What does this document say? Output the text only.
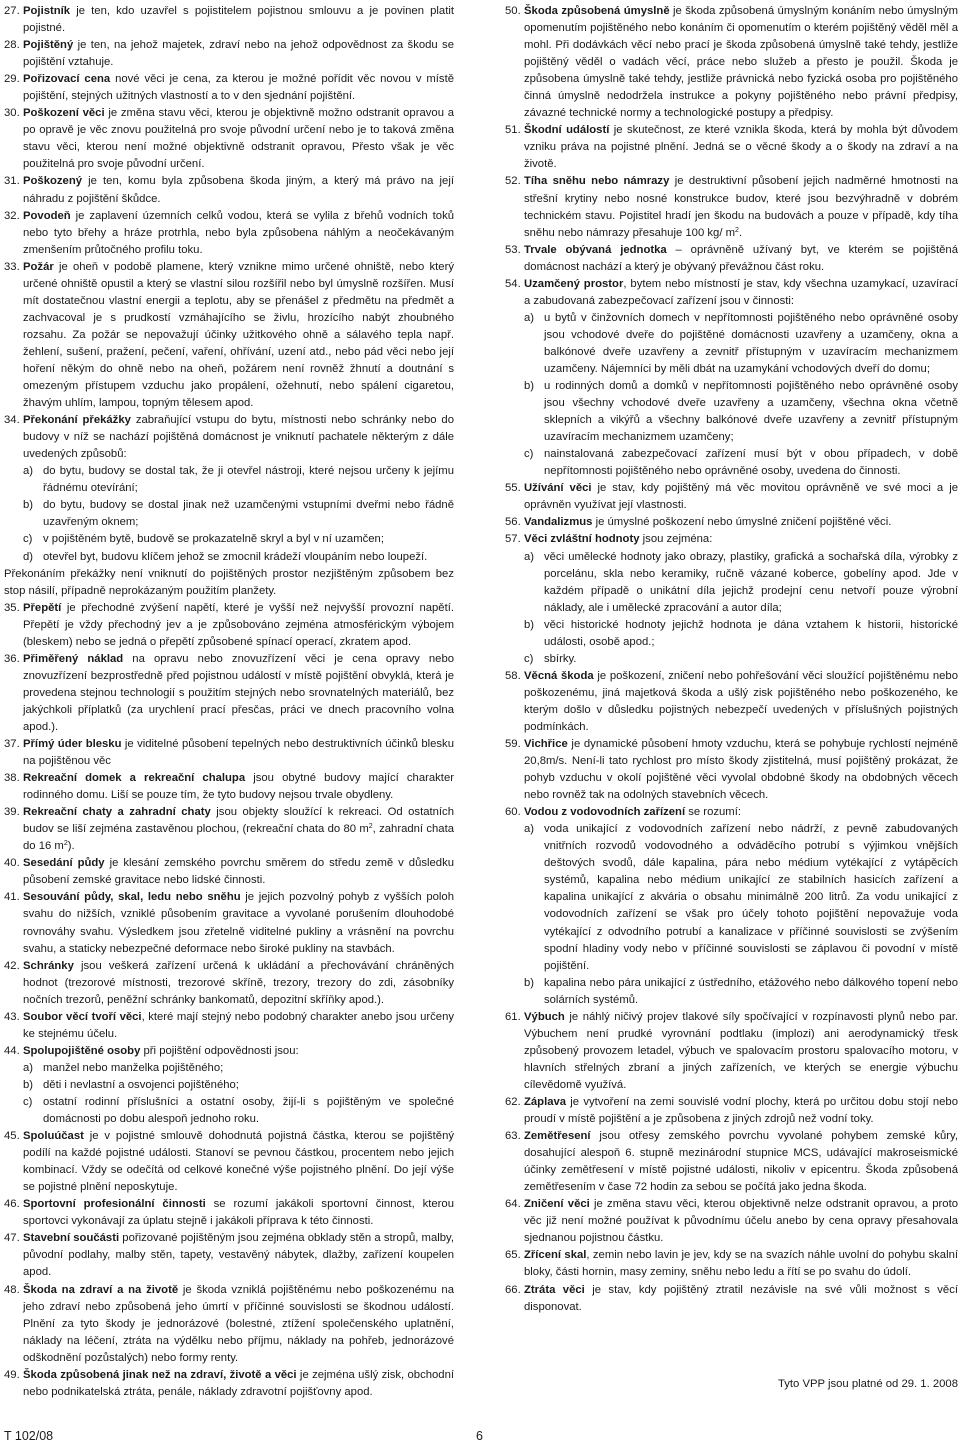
27. Pojistník je ten, kdo uzavřel s pojistitelem pojistnou smlouvu a je povinen platit pojistné.
28. Pojištěný je ten, na jehož majetek, zdraví nebo na jehož odpovědnost za škodu se pojištění vztahuje.
29. Pořizovací cena nové věci je cena, za kterou je možné pořídit věc novou v místě pojištění, stejných užitných vlastností a to v den sjednání pojištění.
30. Poškození věci je změna stavu věci, kterou je objektivně možno odstranit opravou a po opravě je věc znovu použitelná pro svoje původní určení nebo je to taková změna stavu věci, kterou není možné objektivně odstranit opravou, Přesto však je věc použitelná pro svoje původní určení.
31. Poškozený je ten, komu byla způsobena škoda jiným, a který má právo na její náhradu z pojištění škůdce.
32. Povodeň je zaplavení územních celků vodou, která se vylila z břehů vodních toků nebo tyto břehy a hráze protrhla, nebo byla způsobena náhlým a neočekávaným zmenšením průtočného profilu toku.
33. Požár je oheň v podobě plamene, který vznikne mimo určené ohniště, nebo který určené ohniště opustil a který se vlastní silou rozšířil nebo byl úmyslně rozšířen. Musí mít dostatečnou vlastní energii a teplotu, aby se přenášel z předmětu na předmět a zachvacoval je s prudkostí vzmáhajícího se živlu, hrozícího nabýt zhoubného rozsahu. Za požár se nepovažují účinky užitkového ohně a sálavého tepla např. žehlení, sušení, pražení, pečení, vaření, ohřívání, uzení atd., nebo pád věci nebo její hoření někým do ohně nebo na oheň, požárem není rovněž žhnutí a doutnání s omezeným přístupem vzduchu jako propálení, ožehnutí, nebo spálení cigaretou, žhavým uhlím, lampou, topným tělesem apod.
34. Překonání překážky zabraňující vstupu do bytu, místnosti nebo schránky nebo do budovy v níž se nachází pojištěná domácnost je vniknutí pachatele některým z dále uvedených způsobů:
a) do bytu, budovy se dostal tak, že ji otevřel nástroji, které nejsou určeny k jejímu řádnému otevírání;
b) do bytu, budovy se dostal jinak než uzamčenými vstupními dveřmi nebo řádně uzavřeným oknem;
c) v pojištěném bytě, budově se prokazatelně skryl a byl v ní uzamčen;
d) otevřel byt, budovu klíčem jehož se zmocnil krádeží vloupáním nebo loupeží.
Překonáním překážky není vniknutí do pojištěných prostor nezjištěným způsobem bez stop násilí, případně neprokázaným použitím planžety.
35. Přepětí je přechodné zvýšení napětí, které je vyšší než nejvyšší provozní napětí. Přepětí je vždy přechodný jev a je způsobováno zejména atmosférickým výbojem (bleskem) nebo se jedná o přepětí způsobené spínací operací, zkratem apod.
36. Přiměřený náklad na opravu nebo znovuzřízení věci je cena opravy nebo znovuzřízení bezprostředně před pojistnou událostí v místě pojištění obvyklá, která je provedena stejnou technologií s použitím stejných nebo srovnatelných materiálů, bez jakýchkoli příplatků (za urychlení prací přesčas, práci ve dnech pracovního volna apod.).
37. Přímý úder blesku je viditelné působení tepelných nebo destruktivních účinků blesku na pojištěnou věc
38. Rekreační domek a rekreační chalupa jsou obytné budovy mající charakter rodinného domu. Liší se pouze tím, že tyto budovy nejsou trvale obydleny.
39. Rekreační chaty a zahradní chaty jsou objekty sloužící k rekreaci. Od ostatních budov se liší zejména zastavěnou plochou, (rekreační chata do 80 $m^2$, zahradní chata do 16 $m^2$).
40. Sesedání půdy je klesání zemského povrchu směrem do středu země v důsledku působení zemské gravitace nebo lidské činnosti.
41. Sesouvání půdy, skal, ledu nebo sněhu je jejich pozvolný pohyb z vyšších poloh svahu do nižších, vzniklé působením gravitace a vyvolané porušením dlouhodobé rovnováhy svahu. Výsledkem jsou zřetelně viditelné pukliny a vrásnění na povrchu svahu, a staticky nebezpečné deformace nebo široké pukliny na stavbách.
42. Schránky jsou veškerá zařízení určená k ukládání a přechovávání chráněných hodnot (trezorové místnosti, trezorové skříně, trezory, trezory do zdi, zásobníky nočních trezorů, peněžní schránky bankomatů, depozitní skříňky apod.).
43. Soubor věcí tvoří věci, které mají stejný nebo podobný charakter anebo jsou určeny ke stejnému účelu.
44. Spolupojištěné osoby při pojištění odpovědnosti jsou:
a) manžel nebo manželka pojištěného;
b) děti i nevlastní a osvojenci pojištěného;
c) ostatní rodinní příslušníci a ostatní osoby, žijí-li s pojištěným ve společné domácnosti po dobu alespoň jednoho roku.
45. Spoluúčast je v pojistné smlouvě dohodnutá pojistná částka, kterou se pojištěný podílí na každé pojistné události. Stanoví se pevnou částkou, procentem nebo jejich kombinací. Vždy se odečítá od celkové konečné výše pojistného plnění. Do její výše se pojistné plnění neposkytuje.
46. Sportovní profesionální činnosti se rozumí jakákoli sportovní činnost, kterou sportovci vykonávají za úplatu stejně i jakákoli příprava k této činnosti.
47. Stavební součásti pořizované pojištěným jsou zejména obklady stěn a stropů, malby, původní podlahy, malby stěn, tapety, vestavěný nábytek, dlažby, zařízení koupelen apod.
48. Škoda na zdraví a na životě je škoda vzniklá pojištěnému nebo poškozenému na jeho zdraví nebo způsobená jeho úmrtí v příčinné souvislosti se škodnou událostí. Plnění za tyto škody je jednorázové (bolestné, ztížení společenského uplatnění, náklady na léčení, ztráta na výdělku nebo příjmu, náklady na pohřeb, jednorázové odškodnění pozůstalých) nebo formy renty.
49. Škoda způsobená jinak než na zdraví, životě a věci je zejména ušlý zisk, obchodní nebo podnikatelská ztráta, penále, náklady zdravotní pojišťovny apod.
50. Škoda způsobená úmyslně je škoda způsobená úmyslným konáním nebo úmyslným opomenutím pojištěného nebo konáním či opomenutím o kterém pojištěný věděl měl a mohl. Při dodávkách věcí nebo prací je škoda způsobená úmyslně také tehdy, jestliže pojištěný věděl o vadách věcí, práce nebo služeb a přesto je použil. Škoda je způsobena úmyslně také tehdy, jestliže právnická nebo fyzická osoba pro pojištěného činná úmyslně nedodržela instrukce a pokyny pojištěného nebo právní předpisy, závazné technické normy a technologické postupy a předpisy.
51. Škodní událostí je skutečnost, ze které vznikla škoda, která by mohla být důvodem vzniku práva na pojistné plnění. Jedná se o věcné škody a o škody na zdraví a na životě.
52. Tíha sněhu nebo námrazy je destruktivní působení jejich nadměrné hmotnosti na střešní krytiny nebo nosné konstrukce budov, které jsou bezvýhradně v dobrém technickém stavu. Pojistitel hradí jen škodu na budovách a pouze v případě, kdy tíha sněhu nebo námrazy přesahuje 100 kg/ $m^2$.
53. Trvale obývaná jednotka – oprávněně užívaný byt, ve kterém se pojištěná domácnost nachází a který je obývaný převážnou část roku.
54. Uzamčený prostor, bytem nebo místností je stav, kdy všechna uzamykací, uzavírací a zabudovaná zabezpečovací zařízení jsou v činnosti:
a) u bytů v činžovních domech v nepřítomnosti pojištěného nebo oprávněné osoby jsou vchodové dveře do pojištěné domácnosti uzavřeny a uzamčeny, okna a balkónové dveře uzavřeny a zevnitř přístupným v uzavíracím mechanizmem uzamčeny. Nájemníci by měli dbát na uzamykání vchodových dveří do domu;
b) u rodinných domů a domků v nepřítomnosti pojištěného nebo oprávněné osoby jsou všechny vchodové dveře uzavřeny a uzamčeny, všechna okna včetně sklepních a vikýřů a všechny balkónové dveře uzavřeny a zevnitř přístupným uzavíracím mechanizmem uzamčeny;
c) nainstalovaná zabezpečovací zařízení musí být v obou případech, v době nepřítomnosti pojištěného nebo oprávněné osoby, uvedena do činnosti.
55. Užívání věci je stav, kdy pojištěný má věc movitou oprávněně ve své moci a je oprávněn využívat její vlastnosti.
56. Vandalizmus je úmyslné poškození nebo úmyslné zničení pojištěné věci.
57. Věci zvláštní hodnoty jsou zejména:
a) věci umělecké hodnoty jako obrazy, plastiky, grafická a sochařská díla, výrobky z porcelánu, skla nebo keramiky, ručně vázané koberce, gobelíny apod. Jde v každém případě o unikátní díla jejichž prodejní cenu netvoří pouze výrobní náklady, ale i umělecké zpracování a autor díla;
b) věci historické hodnoty jejichž hodnota je dána vztahem k historii, historické události, osobě apod.;
c) sbírky.
58. Věcná škoda je poškození, zničení nebo pohřešování věci sloužící pojištěnému nebo poškozenému, jiná majetková škoda a ušlý zisk pojištěného nebo poškozeného, ke kterým došlo v důsledku pojistných nebezpečí uvedených v příslušných pojistných podmínkách.
59. Vichřice je dynamické působení hmoty vzduchu, která se pohybuje rychlostí nejméně 20,8m/s. Není-li tato rychlost pro místo škody zjistitelná, musí pojištěný prokázat, že pohyb vzduchu v okolí pojištěné věci vyvolal obdobné škody na obdobných věcech nebo rovněž tak na odolných stavebních věcech.
60. Vodou z vodovodních zařízení se rozumí:
a) voda unikající z vodovodních zařízení nebo nádrží, z pevně zabudovaných vnitřních rozvodů vodovodného a odváděcího potrubí s výjimkou vnějších deštových svodů, dále kapalina, pára nebo médium vytékající z vytápěcích systémů, kapalina nebo médium unikající ze stabilních hasicích zařízení a kapalina unikající z akvária o obsahu minimálně 200 litrů. Za vodu unikající z vodovodních zařízení se však pro účely tohoto pojištění nepovažuje voda vytékající z odvodního potrubí a kanalizace v příčinné souvislosti se zvýšením spodní hladiny vody nebo v příčinné souvislosti se záplavou či povodní v místě pojištění.
b) kapalina nebo pára unikající z ústředního, etážového nebo dálkového topení nebo solárních systémů.
61. Výbuch je náhlý ničivý projev tlakové síly spočívající v rozpínavosti plynů nebo par. Výbuchem není prudké vyrovnání podtlaku (implozi) ani aerodynamický třesk způsobený provozem letadel, výbuch ve spalovacím prostoru spalovacího motoru, v hlavních střelných zbraní a jiných zařízeních, ve kterých se energie výbuchu cílevědomě využívá.
62. Záplava je vytvoření na zemi souvislé vodní plochy, která po určitou dobu stojí nebo proudí v místě pojištění a je způsobena z jiných zdrojů než vodní toky.
63. Zemětřesení jsou otřesy zemského povrchu vyvolané pohybem zemské kůry, dosahující alespoň 6. stupně mezinárodní stupnice MCS, udávající makroseismické účinky zemětřesení v místě pojistné události, nikoliv v epicentru. Škoda způsobená zemětřesením v čase 72 hodin za sebou se počítá jako jedna škoda.
64. Zničení věci je změna stavu věci, kterou objektivně nelze odstranit opravou, a proto věc již není možné používat k původnímu účelu anebo by cena opravy přesahovala sjednanou pojistnou částku.
65. Zřícení skal, zemin nebo lavin je jev, kdy se na svazích náhle uvolní do pohybu skalní bloky, části hornin, masy zeminy, sněhu nebo ledu a řítí se po svahu do údolí.
66. Ztráta věci je stav, kdy pojištěný ztratil nezávisle na své vůli možnost s věcí disponovat.
Tyto VPP jsou platné od 29. 1. 2008
T 102/08	6
